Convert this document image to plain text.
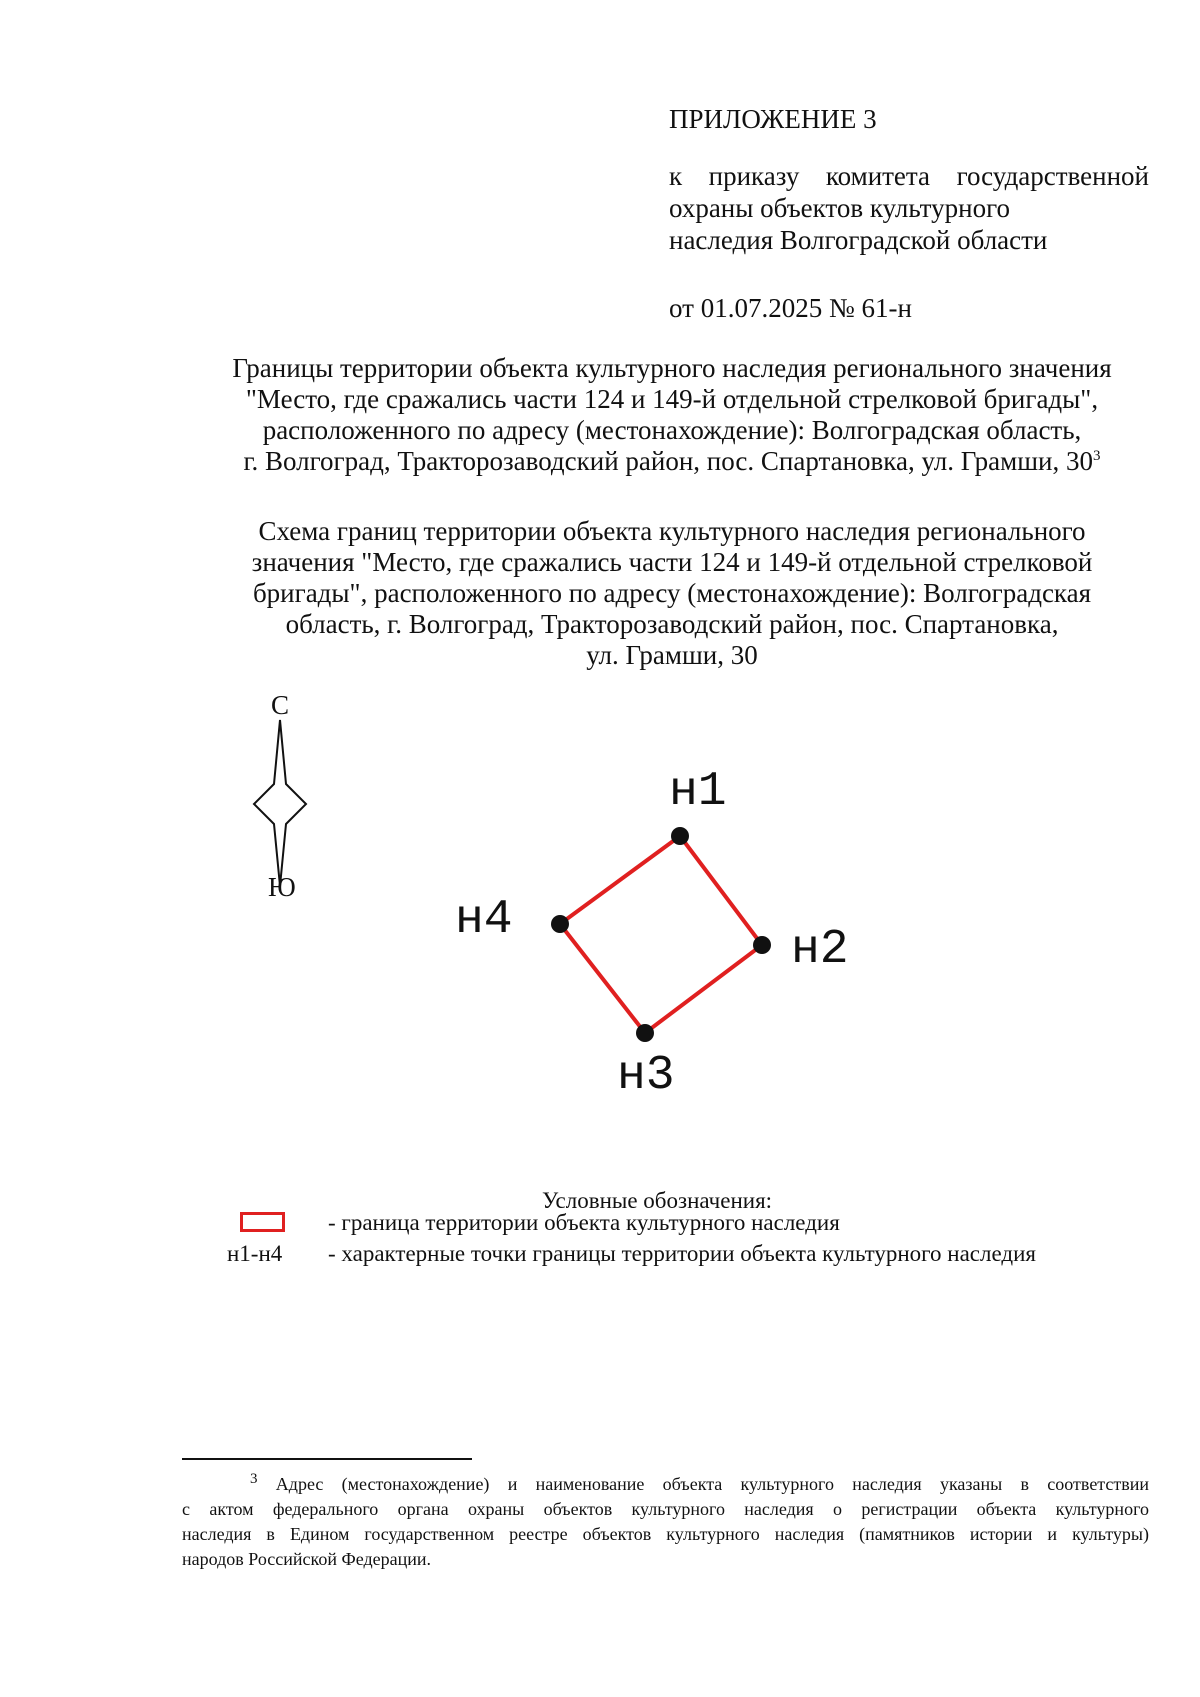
ПРИЛОЖЕНИЕ 3
к приказу комитета государственной
охраны объектов культурного
наследия Волгоградской области
от 01.07.2025 № 61-н
Границы территории объекта культурного наследия регионального значения
"Место, где сражались части 124 и 149-й отдельной стрелковой бригады",
расположенного по адресу (местонахождение): Волгоградская область,
г. Волгоград, Тракторозаводский район, пос. Спартановка, ул. Грамши, $30^3$
Схема границ территории объекта культурного наследия регионального
значения "Место, где сражались части 124 и 149-й отдельной стрелковой
бригады", расположенного по адресу (местонахождение): Волгоградская
область, г. Волгоград, Тракторозаводский район, пос. Спартановка,
ул. Грамши, 30
С
Ю
н1
н2
н3
н4
Условные обозначения:
- граница территории объекта культурного наследия
н1-н4 - характерные точки границы территории объекта культурного наследия
$^3$ Адрес (местонахождение) и наименование объекта культурного наследия указаны в соответствии
с актом федерального органа охраны объектов культурного наследия о регистрации объекта культурного
наследия в Едином государственном реестре объектов культурного наследия (памятников истории и культуры)
народов Российской Федерации.
